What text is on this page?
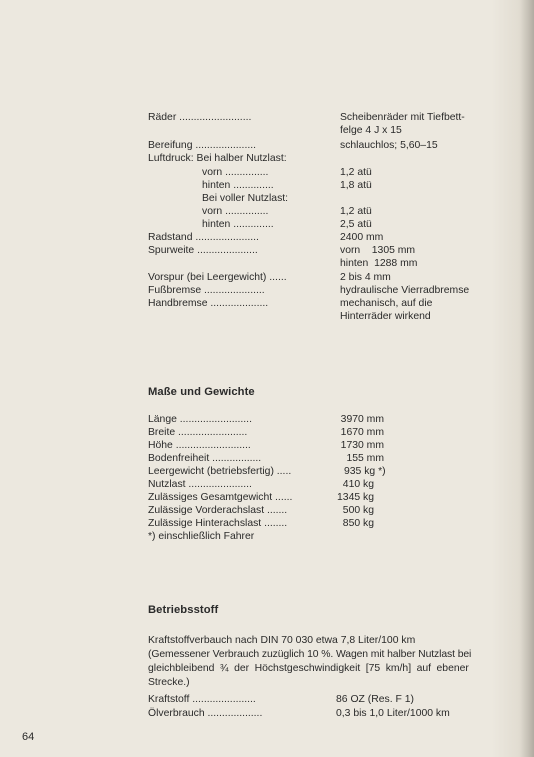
Räder .........................	Scheibenräder mit Tiefbett-
felge 4 J x 15
Bereifung .....................	schlauchlos; 5,60–15
Luftdruck: Bei halber Nutzlast:
vorn ...............	1,2 atü
hinten ..............	1,8 atü
Bei voller Nutzlast:
vorn ...............	1,2 atü
hinten ..............	2,5 atü
Radstand ......................	2400 mm
Spurweite .....................	vorn    1305 mm
hinten  1288 mm
Vorspur (bei Leergewicht) ......	2 bis 4 mm
Fußbremse .....................	hydraulische Vierradbremse
Handbremse ....................	mechanisch, auf die
Hinterräder wirkend
Maße und Gewichte
Länge .........................	3970 mm
Breite ........................	1670 mm
Höhe ..........................	1730 mm
Bodenfreiheit .................	155 mm
Leergewicht (betriebsfertig) .....	935 kg *)
Nutzlast ......................	410 kg
Zulässiges Gesamtgewicht ......	1345 kg
Zulässige Vorderachslast .......	500 kg
Zulässige Hinterachslast ........	850 kg
*) einschließlich Fahrer
Betriebsstoff
Kraftstoffverbauch nach DIN 70 030 etwa 7,8 Liter/100 km
(Gemessener Verbrauch zuzüglich 10 %. Wagen mit halber Nutzlast bei
gleichbleibend ¾ der Höchstgeschwindigkeit [75 km/h] auf ebener
Strecke.)
Kraftstoff ......................	86 OZ (Res. F 1)
Ölverbrauch ...................	0,3 bis 1,0 Liter/1000 km
64
